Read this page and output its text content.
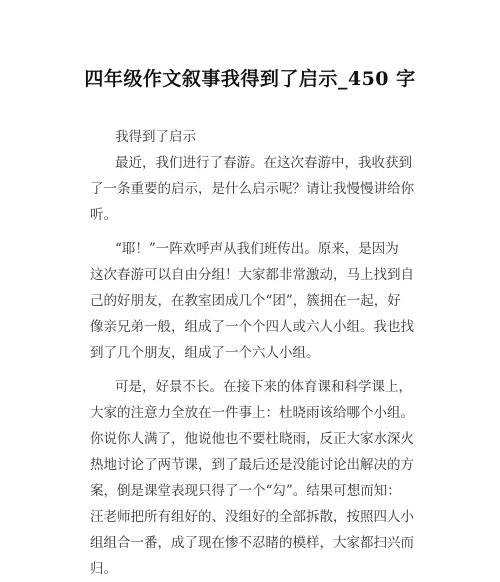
四年级作文叙事我得到了启示_450 字
我得到了启示
最近，我们进行了春游。在这次春游中，我收获到
了一条重要的启示，是什么启示呢？请让我慢慢讲给你
听。
“耶！”一阵欢呼声从我们班传出。原来，是因为
这次春游可以自由分组！大家都非常激动，马上找到自
己的好朋友，在教室团成几个“团”，簇拥在一起，好
像亲兄弟一般，组成了一个个四人或六人小组。我也找
到了几个朋友，组成了一个六人小组。
可是，好景不长。在接下来的体育课和科学课上，
大家的注意力全放在一件事上：杜晓雨该给哪个小组。
你说你人满了，他说他也不要杜晓雨，反正大家水深火
热地讨论了两节课，到了最后还是没能讨论出解决的方
案，倒是课堂表现只得了一个“勾”。结果可想而知：
汪老师把所有组好的、没组好的全部拆散，按照四人小
组组合一番，成了现在惨不忍睹的模样，大家都扫兴而
归。
